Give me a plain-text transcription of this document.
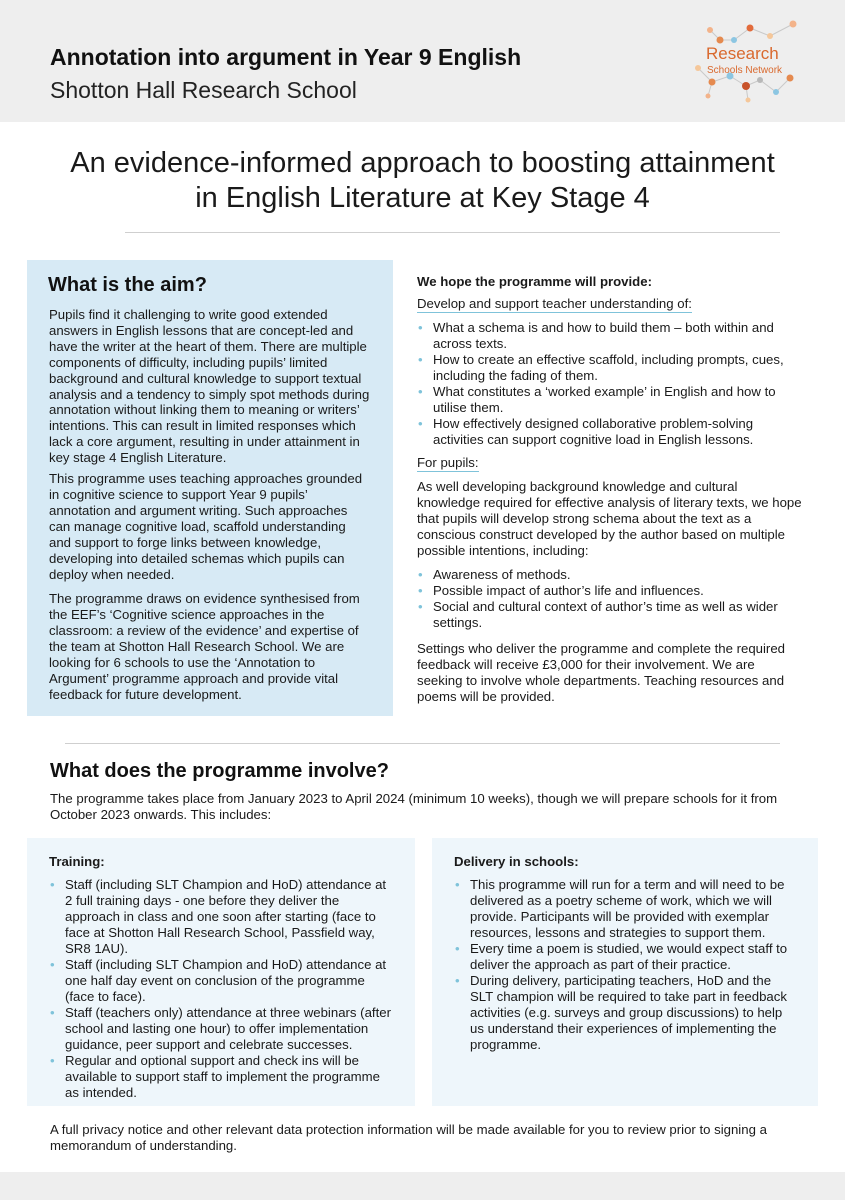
Annotation into argument in Year 9 English
Shotton Hall Research School
Research
Schools Network
An evidence-informed approach to boosting attainment in English Literature at Key Stage 4
What is the aim?

Pupils find it challenging to write good extended answers in English lessons that are concept-led and have the writer at the heart of them. There are multiple components of difficulty, including pupils’ limited background and cultural knowledge to support textual analysis and a tendency to simply spot methods during annotation without linking them to meaning or writers’ intentions. This can result in limited responses which lack a core argument, resulting in under attainment in key stage 4 English Literature.

This programme uses teaching approaches grounded in cognitive science to support Year 9 pupils’ annotation and argument writing. Such approaches can manage cognitive load, scaffold understanding and support to forge links between knowledge, developing into detailed schemas which pupils can deploy when needed.

The programme draws on evidence synthesised from the EEF’s ‘Cognitive science approaches in the classroom: a review of the evidence’ and expertise of the team at Shotton Hall Research School. We are looking for 6 schools to use the ‘Annotation to Argument’ programme approach and provide vital feedback for future development.

We hope the programme will provide:
Develop and support teacher understanding of:
• What a schema is and how to build them – both within and across texts.
• How to create an effective scaffold, including prompts, cues, including the fading of them.
• What constitutes a ‘worked example’ in English and how to utilise them.
• How effectively designed collaborative problem-solving activities can support cognitive load in English lessons.
For pupils:

As well developing background knowledge and cultural knowledge required for effective analysis of literary texts, we hope that pupils will develop strong schema about the text as a conscious construct developed by the author based on multiple possible intentions, including:

• Awareness of methods.
• Possible impact of author’s life and influences.
• Social and cultural context of author’s time as well as wider settings.

Settings who deliver the programme and complete the required feedback will receive £3,000 for their involvement. We are seeking to involve whole departments. Teaching resources and poems will be provided.

What does the programme involve?
The programme takes place from January 2023 to April 2024 (minimum 10 weeks), though we will prepare schools for it from October 2023 onwards. This includes:
Training:
• Staff (including SLT Champion and HoD) attendance at 2 full training days - one before they deliver the approach in class and one soon after starting (face to face at Shotton Hall Research School, Passfield way, SR8 1AU).
• Staff (including SLT Champion and HoD) attendance at one half day event on conclusion of the programme (face to face).
• Staff (teachers only) attendance at three webinars (after school and lasting one hour) to offer implementation guidance, peer support and celebrate successes.
• Regular and optional support and check ins will be available to support staff to implement the programme as intended.
Delivery in schools:
• This programme will run for a term and will need to be delivered as a poetry scheme of work, which we will provide. Participants will be provided with exemplar resources, lessons and strategies to support them.
• Every time a poem is studied, we would expect staff to deliver the approach as part of their practice.
• During delivery, participating teachers, HoD and the SLT champion will be required to take part in feedback activities (e.g. surveys and group discussions) to help us understand their experiences of implementing the programme.
A full privacy notice and other relevant data protection information will be made available for you to review prior to signing a memorandum of understanding.
